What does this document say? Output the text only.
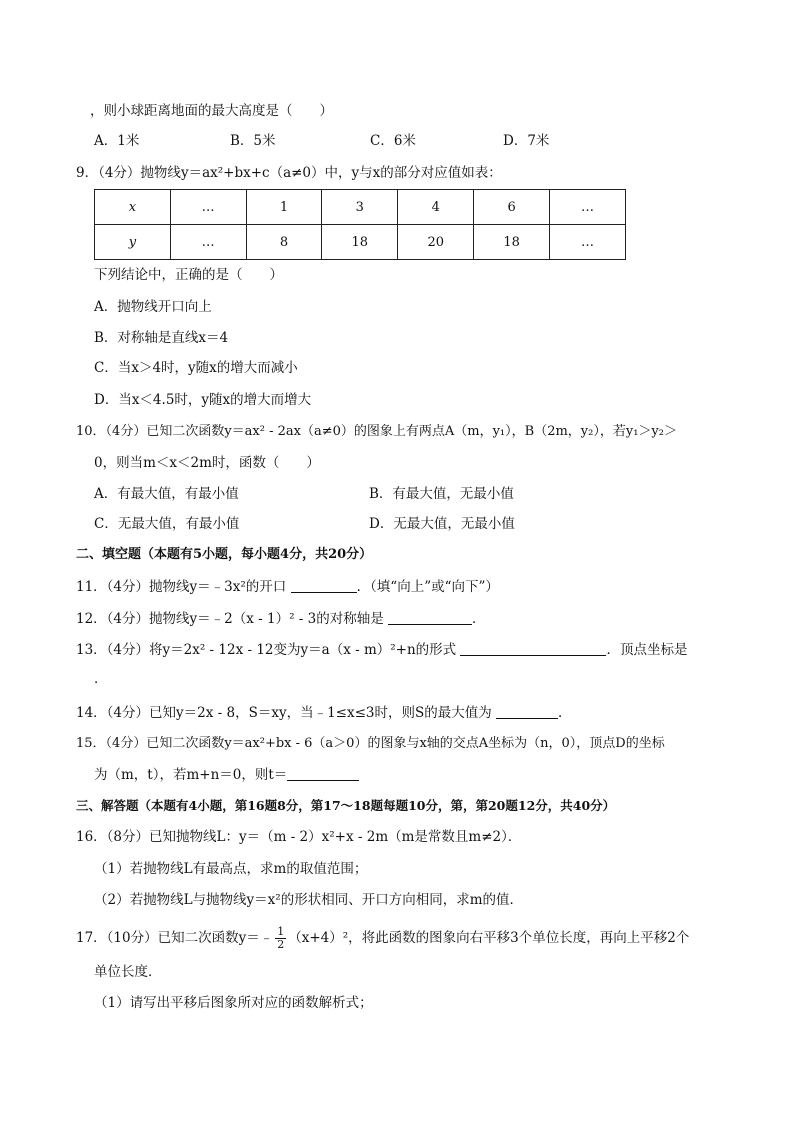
，则小球距离地面的最大高度是（　　）
A．1米	B．5米	C．6米	D．7米
9．（4分）抛物线y＝ax²+bx+c（a≠0）中，y与x的部分对应值如表：
x	…	1	3	4	6	…
y	…	8	18	20	18	…
下列结论中，正确的是（　　）
A．抛物线开口向上
B．对称轴是直线x＝4
C．当x＞4时，y随x的增大而减小
D．当x＜4.5时，y随x的增大而增大
10．（4分）已知二次函数y＝ax² - 2ax（a≠0）的图象上有两点A（m，y₁），B（2m，y₂），若y₁＞y₂＞
0，则当m＜x＜2m时，函数（　　）
A．有最大值，有最小值	B．有最大值，无最小值
C．无最大值，有最小值	D．无最大值，无最小值
二、填空题（本题有5小题，每小题4分，共20分）
11．（4分）抛物线y＝﹣3x²的开口	．（填“向上”或“向下”）
12．（4分）抛物线y＝﹣2（x - 1）² - 3的对称轴是	．
13．（4分）将y＝2x² - 12x - 12变为y＝a（x - m）²+n的形式	．顶点坐标是
．
14．（4分）已知y＝2x - 8，S＝xy，当﹣1≤x≤3时，则S的最大值为	．
15．（4分）已知二次函数y＝ax²+bx - 6（a＞0）的图象与x轴的交点A坐标为（n，0），顶点D的坐标
为（m，t），若m+n＝0，则t＝
三、解答题（本题有4小题，第16题8分，第17～18题每题10分，第，第20题12分，共40分）
16．（8分）已知抛物线L：y＝（m - 2）x²+x - 2m（m是常数且m≠2）．
（1）若抛物线L有最高点，求m的取值范围；
（2）若抛物线L与抛物线y＝x²的形状相同、开口方向相同，求m的值．
17．（10分）已知二次函数y＝﹣ $\frac{1}{2} (x+4)^2$，将此函数的图象向右平移3个单位长度，再向上平移2个
单位长度．
（1）请写出平移后图象所对应的函数解析式；
